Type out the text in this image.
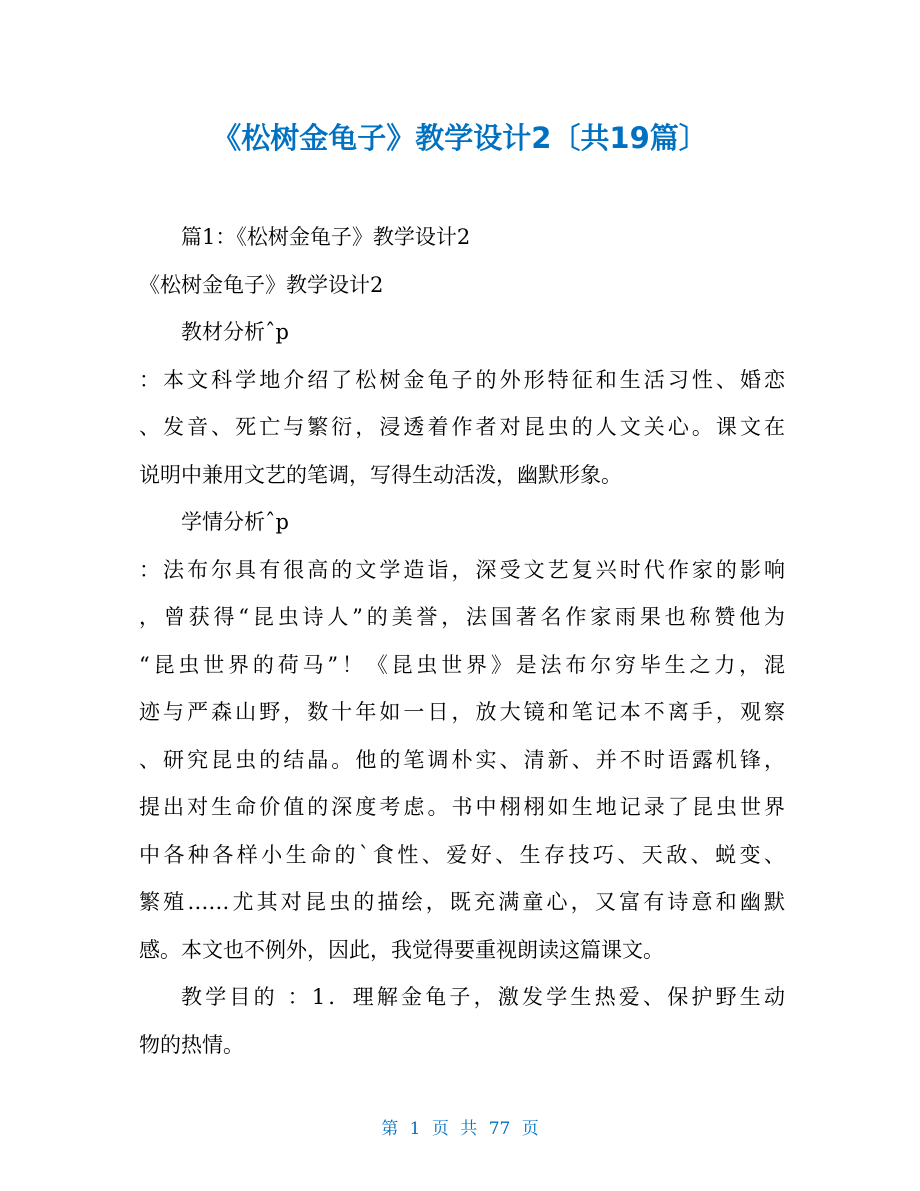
《松树金龟子》教学设计2〔共19篇〕
篇1：《松树金龟子》教学设计2
《松树金龟子》教学设计2
教材分析ˆp
：本文科学地介绍了松树金龟子的外形特征和生活习性、婚恋
、发音、死亡与繁衍，浸透着作者对昆虫的人文关心。课文在
说明中兼用文艺的笔调，写得生动活泼，幽默形象。
学情分析ˆp
：法布尔具有很高的文学造诣，深受文艺复兴时代作家的影响
，曾获得“昆虫诗人”的美誉，法国著名作家雨果也称赞他为
“昆虫世界的荷马”！《昆虫世界》是法布尔穷毕生之力，混
迹与严森山野，数十年如一日，放大镜和笔记本不离手，观察
、研究昆虫的结晶。他的笔调朴实、清新、并不时语露机锋，
提出对生命价值的深度考虑。书中栩栩如生地记录了昆虫世界
中各种各样小生命的`食性、爱好、生存技巧、天敌、蜕变、
繁殖……尤其对昆虫的描绘，既充满童心，又富有诗意和幽默
感。本文也不例外，因此，我觉得要重视朗读这篇课文。
教学目的 ：1．理解金龟子，激发学生热爱、保护野生动
物的热情。
第 1 页 共 77 页
